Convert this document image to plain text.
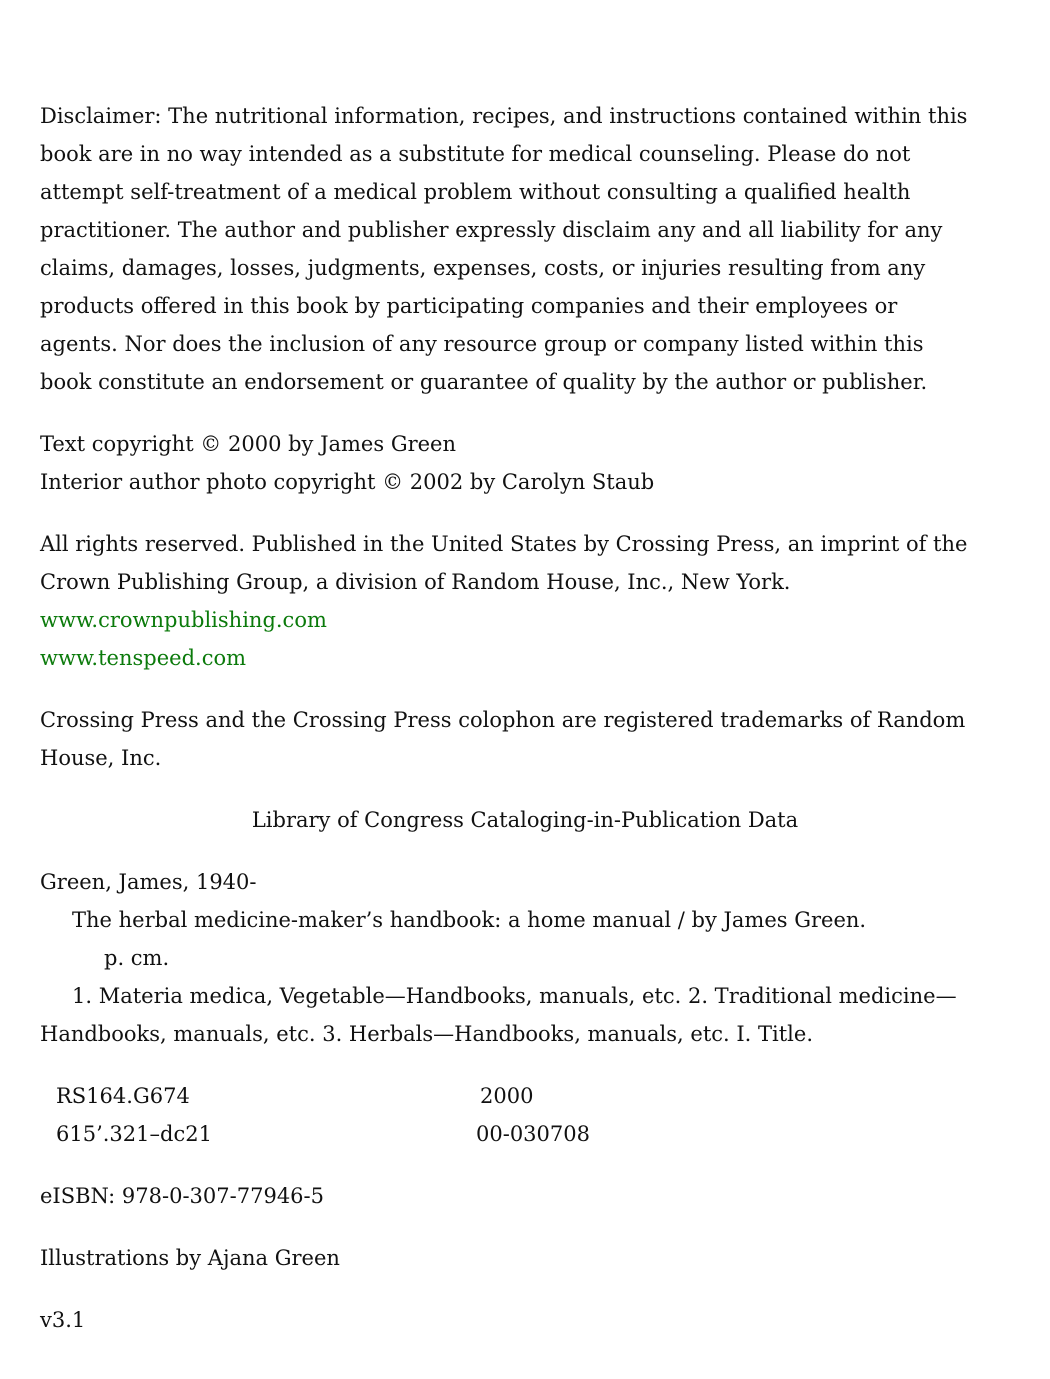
Disclaimer: The nutritional information, recipes, and instructions contained within this

book are in no way intended as a substitute for medical counseling. Please do not

attempt self-treatment of a medical problem without consulting a qualified health

practitioner. The author and publisher expressly disclaim any and all liability for any

claims, damages, losses, judgments, expenses, costs, or injuries resulting from any

products offered in this book by participating companies and their employees or

agents. Nor does the inclusion of any resource group or company listed within this

book constitute an endorsement or guarantee of quality by the author or publisher.

Text copyright © 2000 by James Green

Interior author photo copyright © 2002 by Carolyn Staub

All rights reserved. Published in the United States by Crossing Press, an imprint of the

Crown Publishing Group, a division of Random House, Inc., New York.

www.crownpublishing.com

www.tenspeed.com

Crossing Press and the Crossing Press colophon are registered trademarks of Random

House, Inc.

Library of Congress Cataloging-in-Publication Data

Green, James, 1940-

The herbal medicine-maker’s handbook: a home manual / by James Green.

p. cm.

1. Materia medica, Vegetable—Handbooks, manuals, etc. 2. Traditional medicine—

Handbooks, manuals, etc. 3. Herbals—Handbooks, manuals, etc. I. Title.

RS164.G674	2000
615’.321–dc21	00-030708

eISBN: 978-0-307-77946-5

Illustrations by Ajana Green

v3.1
